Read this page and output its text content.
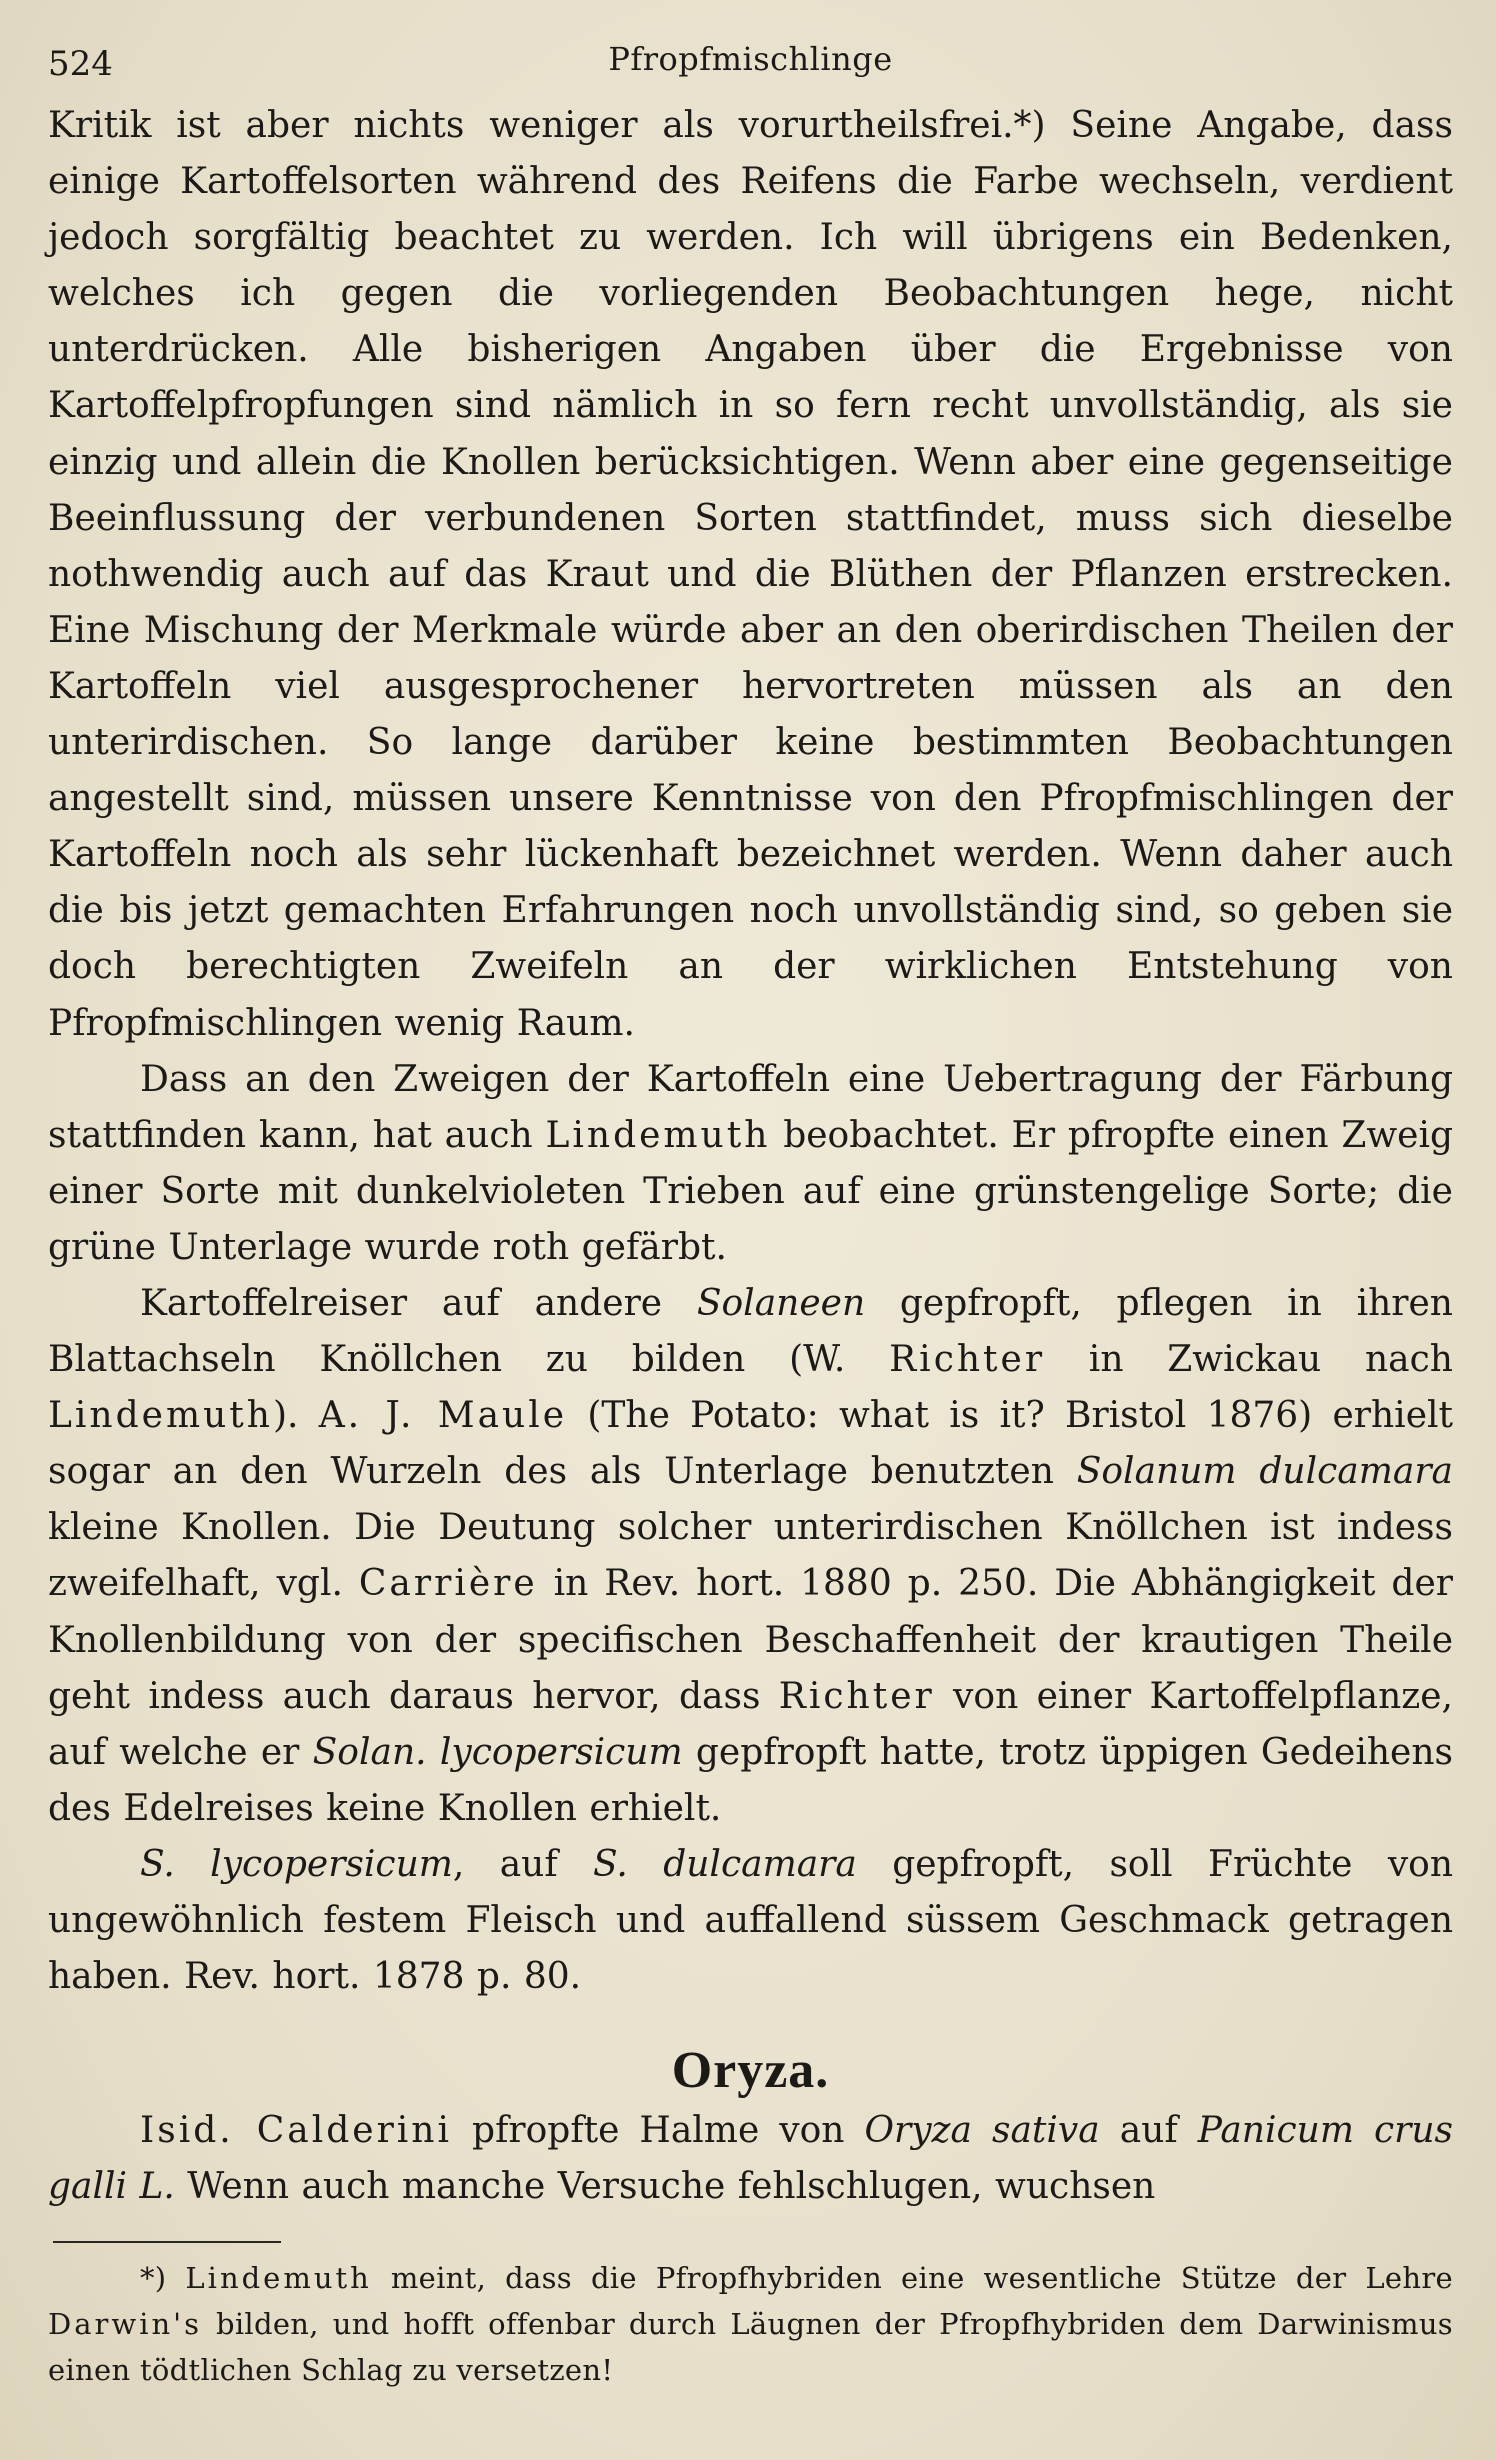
524	Pfropfmischlinge

Kritik ist aber nichts weniger als vorurtheilsfrei.*) Seine Angabe, dass einige Kartoffelsorten während des Reifens die Farbe wechseln, verdient jedoch sorgfältig beachtet zu werden. Ich will übrigens ein Bedenken, welches ich gegen die vorliegenden Beobachtungen hege, nicht unterdrücken. Alle bisherigen Angaben über die Ergebnisse von Kartoffelpfropfungen sind nämlich in so fern recht unvollständig, als sie einzig und allein die Knollen berücksichtigen. Wenn aber eine gegenseitige Beeinflussung der verbundenen Sorten stattfindet, muss sich dieselbe nothwendig auch auf das Kraut und die Blüthen der Pflanzen erstrecken. Eine Mischung der Merkmale würde aber an den oberirdischen Theilen der Kartoffeln viel ausgesprochener hervortreten müssen als an den unterirdischen. So lange darüber keine bestimmten Beobachtungen angestellt sind, müssen unsere Kenntnisse von den Pfropfmischlingen der Kartoffeln noch als sehr lückenhaft bezeichnet werden. Wenn daher auch die bis jetzt gemachten Erfahrungen noch unvollständig sind, so geben sie doch berechtigten Zweifeln an der wirklichen Entstehung von Pfropfmischlingen wenig Raum.

Dass an den Zweigen der Kartoffeln eine Uebertragung der Färbung stattfinden kann, hat auch Lindemuth beobachtet. Er pfropfte einen Zweig einer Sorte mit dunkelvioleten Trieben auf eine grünstengelige Sorte; die grüne Unterlage wurde roth gefärbt.

Kartoffelreiser auf andere Solaneen gepfropft, pflegen in ihren Blattachseln Knöllchen zu bilden (W. Richter in Zwickau nach Lindemuth). A. J. Maule (The Potato: what is it? Bristol 1876) erhielt sogar an den Wurzeln des als Unterlage benutzten Solanum dulcamara kleine Knollen. Die Deutung solcher unterirdischen Knöllchen ist indess zweifelhaft, vgl. Carrière in Rev. hort. 1880 p. 250. Die Abhängigkeit der Knollenbildung von der specifischen Beschaffenheit der krautigen Theile geht indess auch daraus hervor, dass Richter von einer Kartoffelpflanze, auf welche er Solan. lycopersicum gepfropft hatte, trotz üppigen Gedeihens des Edelreises keine Knollen erhielt.

S. lycopersicum, auf S. dulcamara gepfropft, soll Früchte von ungewöhnlich festem Fleisch und auffallend süssem Geschmack getragen haben. Rev. hort. 1878 p. 80.

Oryza.

Isid. Calderini pfropfte Halme von Oryza sativa auf Panicum crus galli L. Wenn auch manche Versuche fehlschlugen, wuchsen

*) Lindemuth meint, dass die Pfropfhybriden eine wesentliche Stütze der Lehre Darwin's bilden, und hofft offenbar durch Läugnen der Pfropfhybriden dem Darwinismus einen tödtlichen Schlag zu versetzen!
